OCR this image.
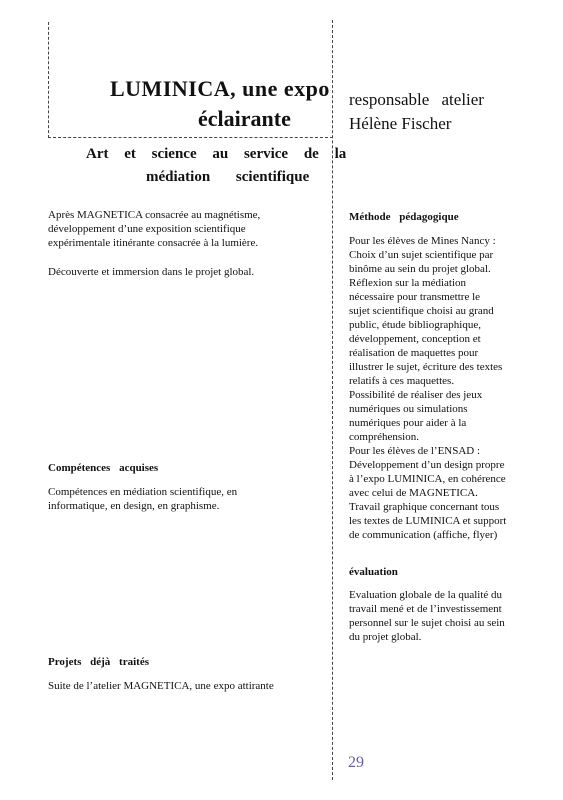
LUMINICA, une expo
éclairante
responsable atelier
Hélène Fischer
Art et science au service de la
médiation scientifique
Après MAGNETICA consacrée au magnétisme,
développement d’une exposition scientifique
expérimentale itinérante consacrée à la lumière.
Découverte et immersion dans le projet global.
Compétences acquises
Compétences en médiation scientifique, en
informatique, en design, en graphisme.
Projets déjà traités
Suite de l’atelier MAGNETICA, une expo attirante
Méthode pédagogique
Pour les élèves de Mines Nancy :
Choix d’un sujet scientifique par
binôme au sein du projet global.
Réflexion sur la médiation
nécessaire pour transmettre le
sujet scientifique choisi au grand
public, étude bibliographique,
développement, conception et
réalisation de maquettes pour
illustrer le sujet, écriture des textes
relatifs à ces maquettes.
Possibilité de réaliser des jeux
numériques ou simulations
numériques pour aider à la
compréhension.
Pour les élèves de l’ENSAD :
Développement d’un design propre
à l’expo LUMINICA, en cohérence
avec celui de MAGNETICA.
Travail graphique concernant tous
les textes de LUMINICA et support
de communication (affiche, flyer)
évaluation
Evaluation globale de la qualité du
travail mené et de l’investissement
personnel sur le sujet choisi au sein
du projet global.
29
